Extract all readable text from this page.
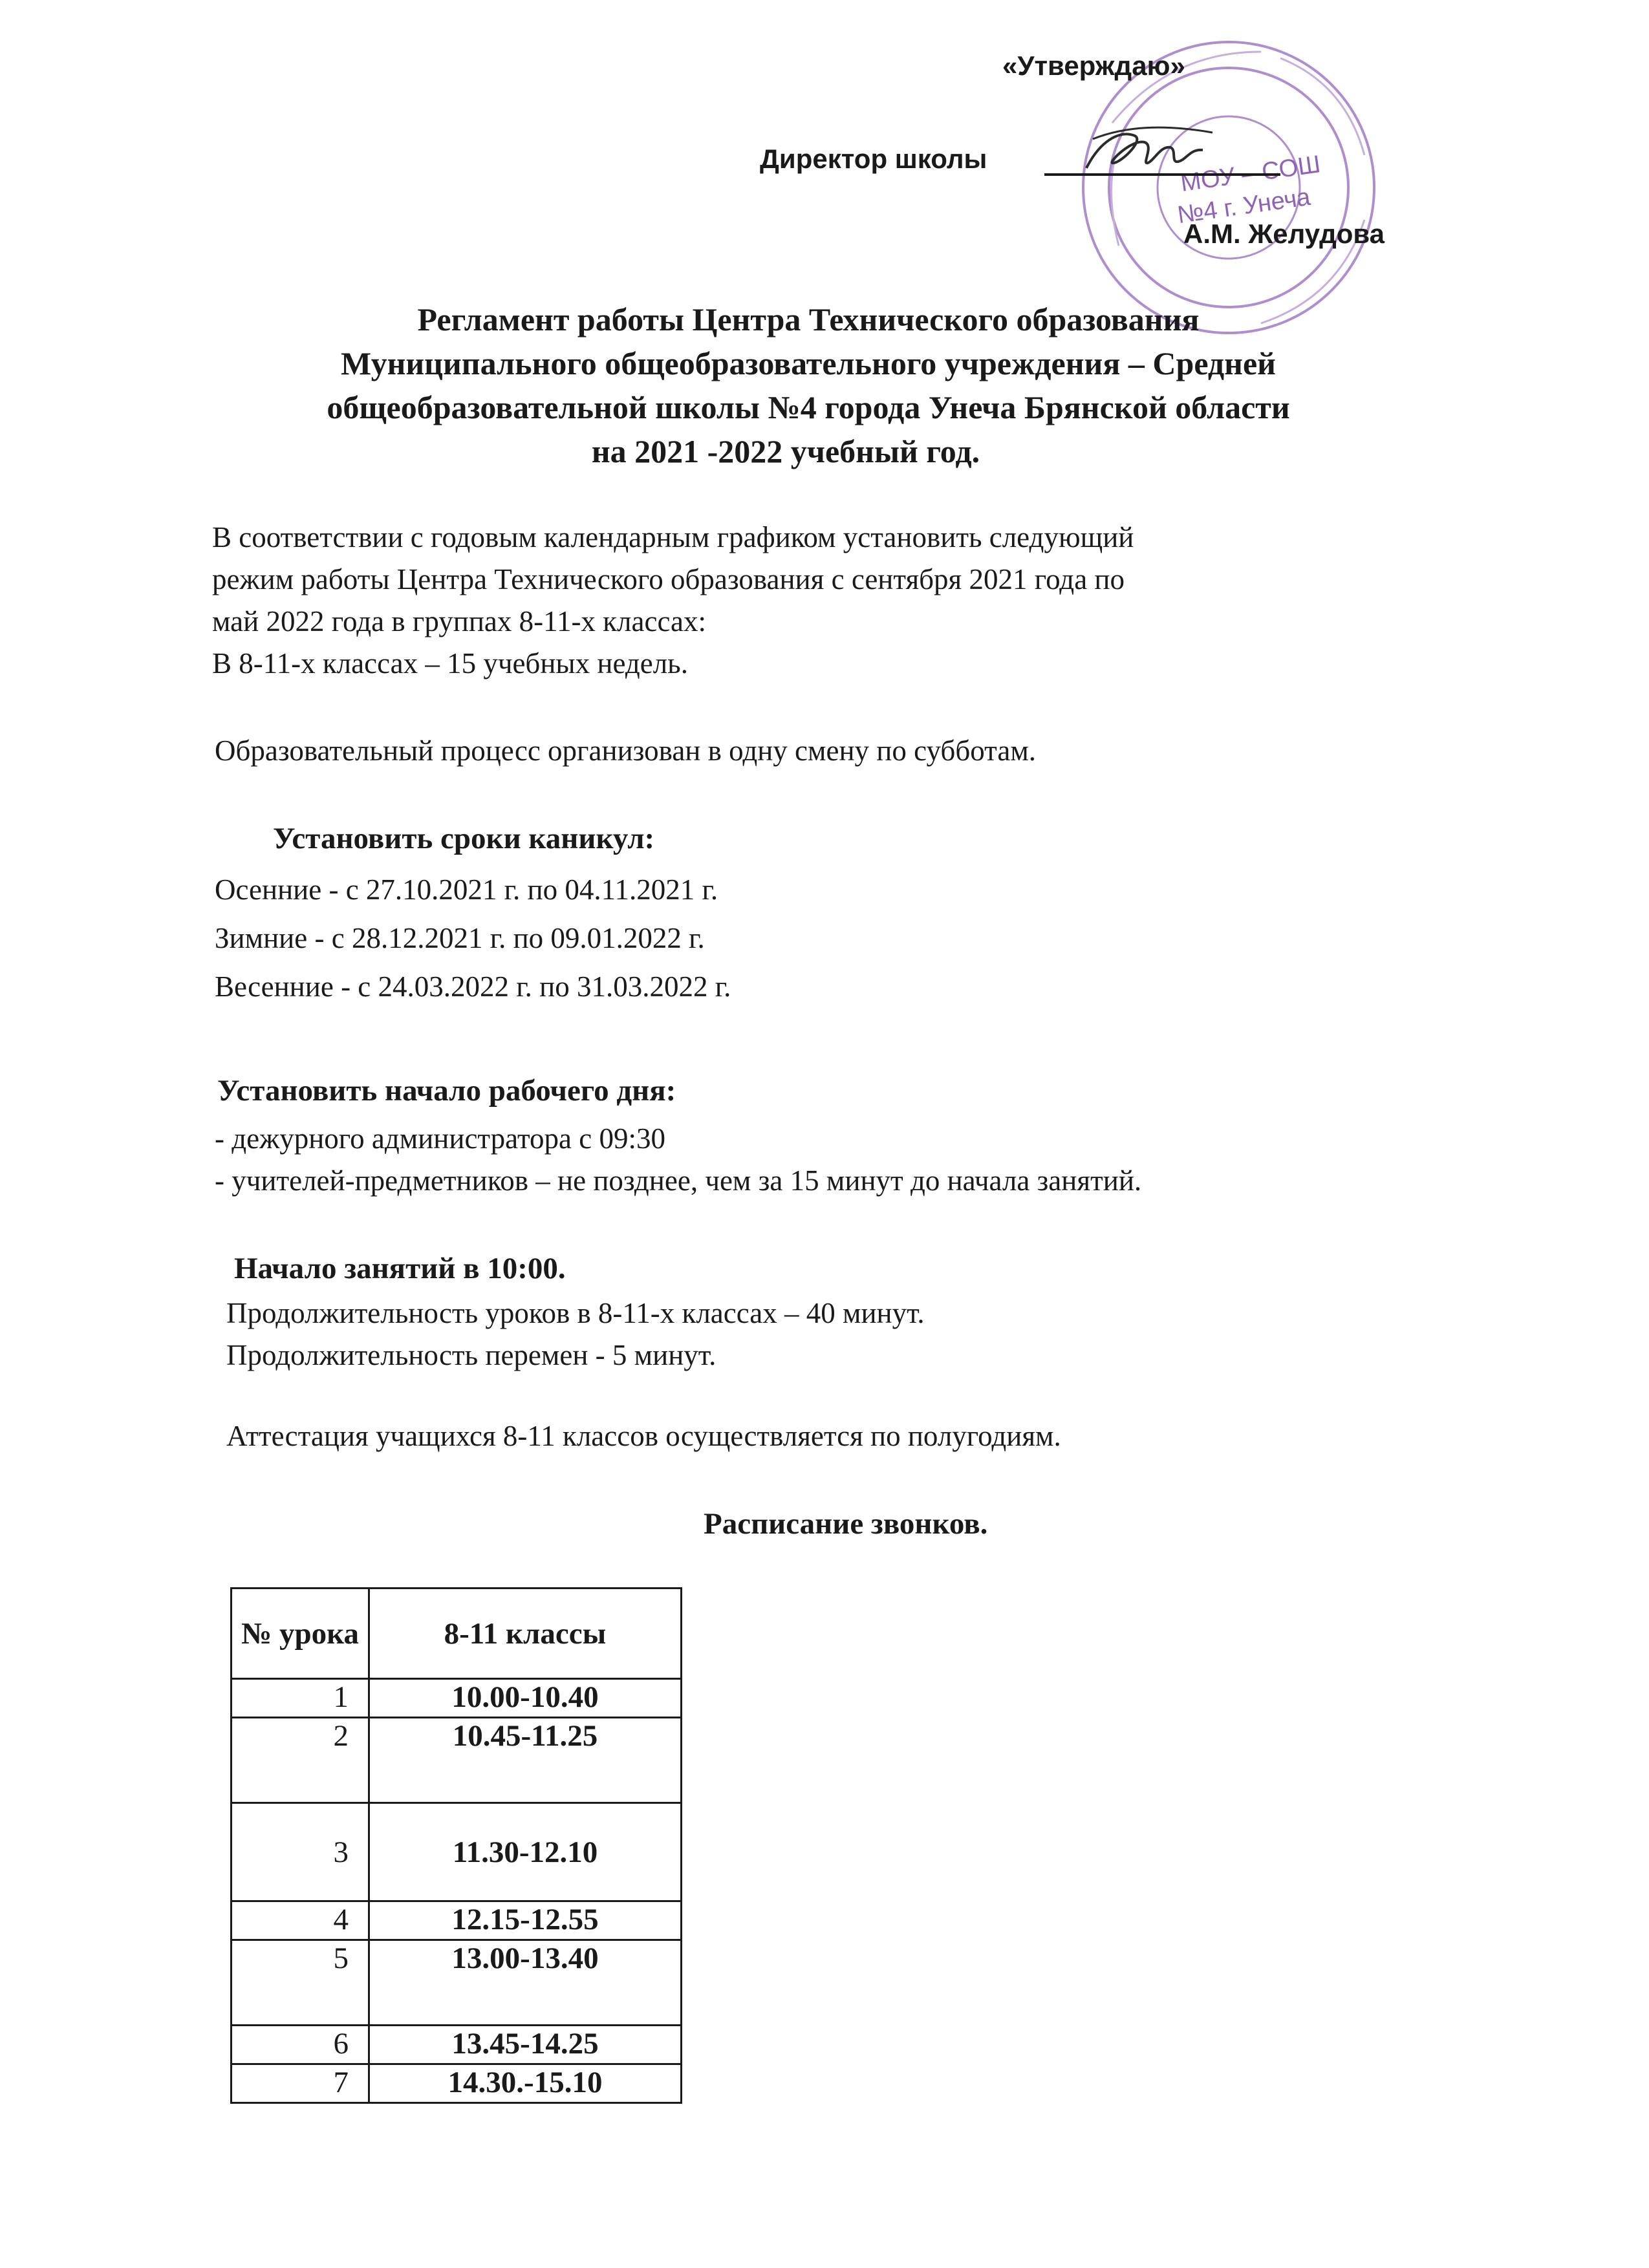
МОУ – СОШ
№4 г. Унеча
«Утверждаю»
Директор школы
А.М. Желудова
Регламент работы Центра Технического образования
Муниципального общеобразовательного учреждения – Средней
общеобразовательной школы №4 города Унеча Брянской области
на 2021 -2022 учебный год.
В соответствии с годовым календарным графиком установить следующий
режим работы Центра Технического образования с сентября 2021 года по
май 2022 года в группах 8-11-х классах:
В 8-11-х классах – 15 учебных недель.
Образовательный процесс организован в одну смену по субботам.
Установить сроки каникул:
Осенние - с 27.10.2021 г. по 04.11.2021 г.
Зимние - с 28.12.2021 г. по 09.01.2022 г.
Весенние - с 24.03.2022 г. по 31.03.2022 г.
Установить начало рабочего дня:
- дежурного администратора с 09:30
- учителей-предметников – не позднее, чем за 15 минут до начала занятий.
Начало занятий в 10:00.
Продолжительность уроков в 8-11-х классах – 40 минут.
Продолжительность перемен - 5 минут.
Аттестация учащихся 8-11 классов осуществляется по полугодиям.
Расписание звонков.
№ урока	8-11 классы
1	10.00-10.40
2	10.45-11.25
3	11.30-12.10
4	12.15-12.55
5	13.00-13.40
6	13.45-14.25
7	14.30.-15.10
